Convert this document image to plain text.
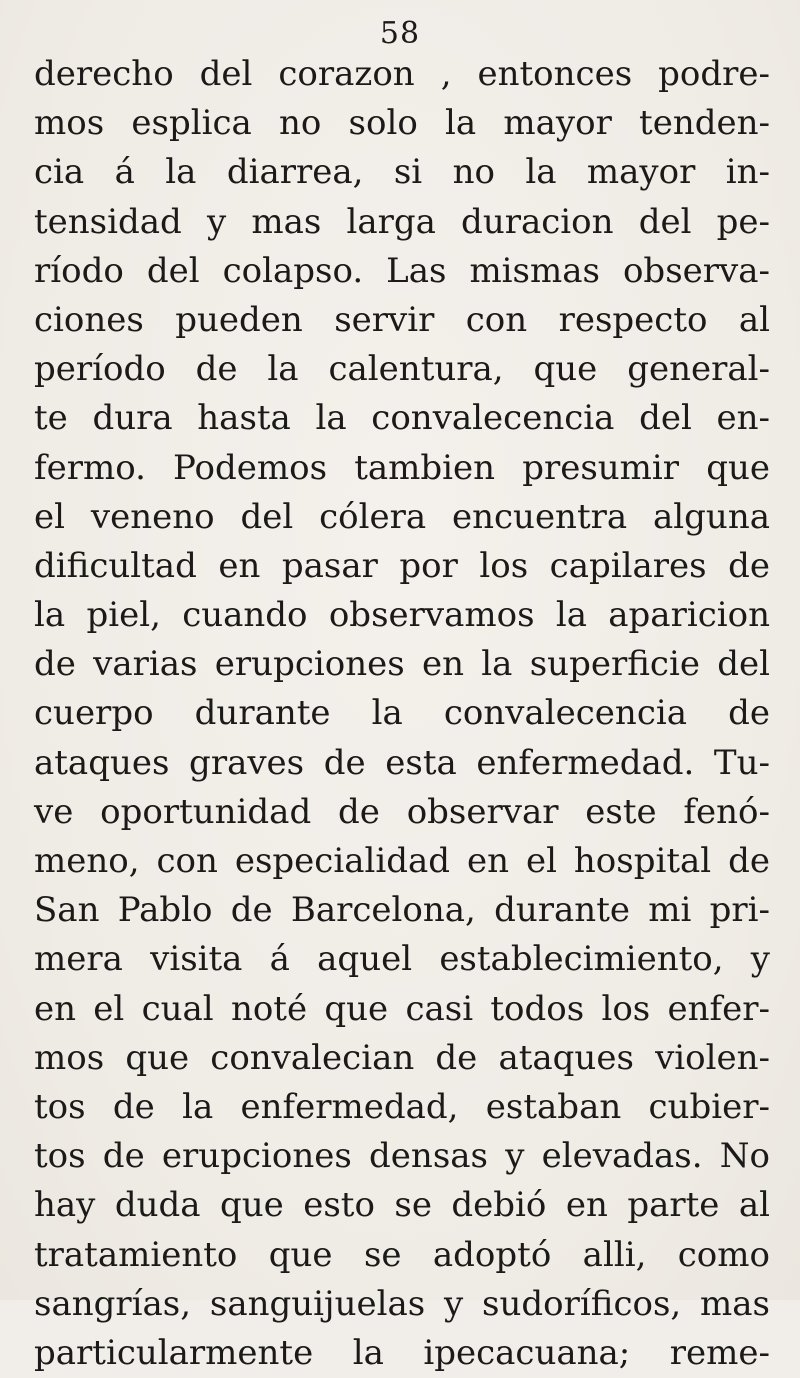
58
derecho del corazon , entonces podre-
mos esplica no solo la mayor tenden-
cia á la diarrea, si no la mayor in-
tensidad y mas larga duracion del pe-
ríodo del colapso. Las mismas observa-
ciones pueden servir con respecto al
período de la calentura, que general-
te dura hasta la convalecencia del en-
fermo. Podemos tambien presumir que
el veneno del cólera encuentra alguna
dificultad en pasar por los capilares de
la piel, cuando observamos la aparicion
de varias erupciones en la superficie del
cuerpo durante la convalecencia de
ataques graves de esta enfermedad. Tu-
ve oportunidad de observar este fenó-
meno, con especialidad en el hospital de
San Pablo de Barcelona, durante mi pri-
mera visita á aquel establecimiento, y
en el cual noté que casi todos los enfer-
mos que convalecian de ataques violen-
tos de la enfermedad, estaban cubier-
tos de erupciones densas y elevadas. No
hay duda que esto se debió en parte al
tratamiento que se adoptó alli, como
sangrías, sanguijuelas y sudoríficos, mas
particularmente la ipecacuana; reme-
